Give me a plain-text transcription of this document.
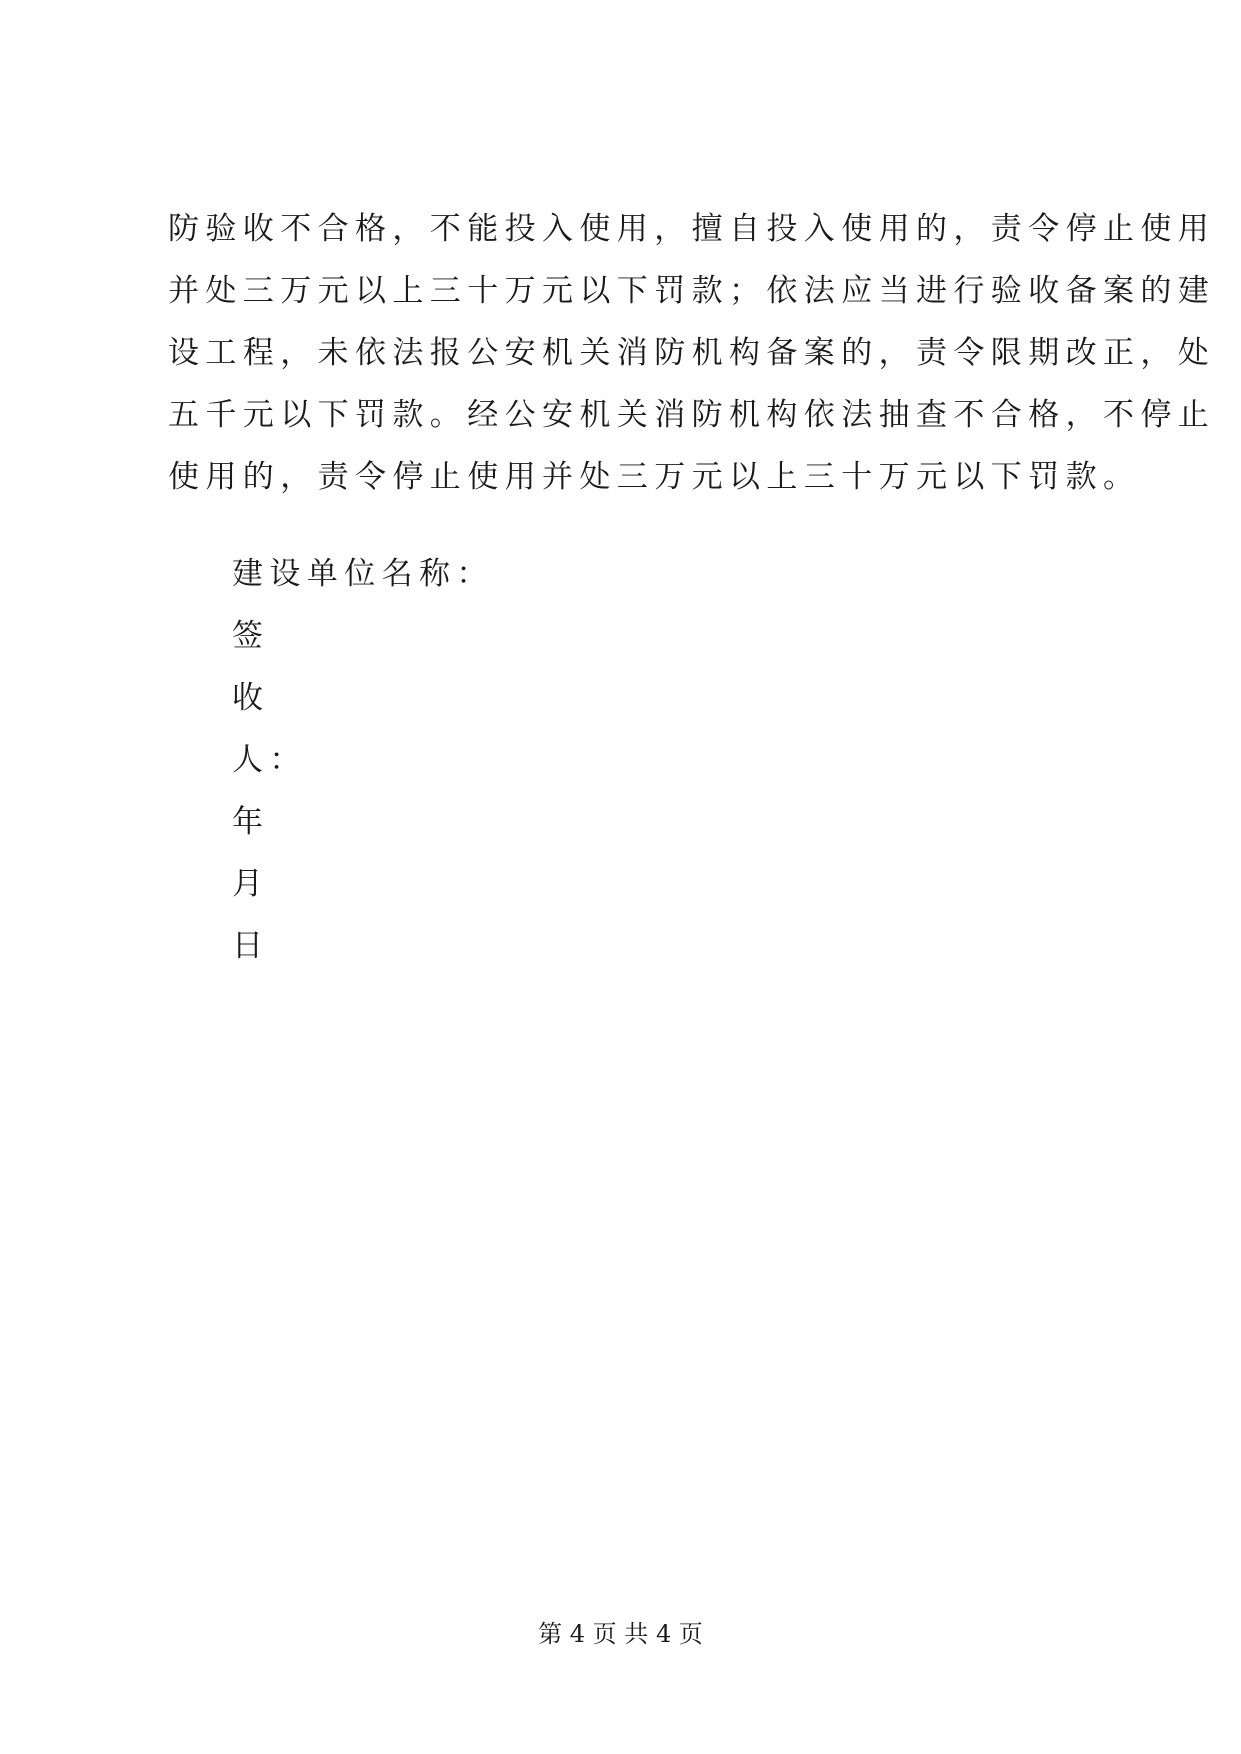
防验收不合格，不能投入使用，擅自投入使用的，责令停止使用
并处三万元以上三十万元以下罚款；依法应当进行验收备案的建
设工程，未依法报公安机关消防机构备案的，责令限期改正，处
五千元以下罚款。经公安机关消防机构依法抽查不合格，不停止
使用的，责令停止使用并处三万元以上三十万元以下罚款。
建设单位名称：
签
收
人：
年
月
日
第 4 页 共 4 页
